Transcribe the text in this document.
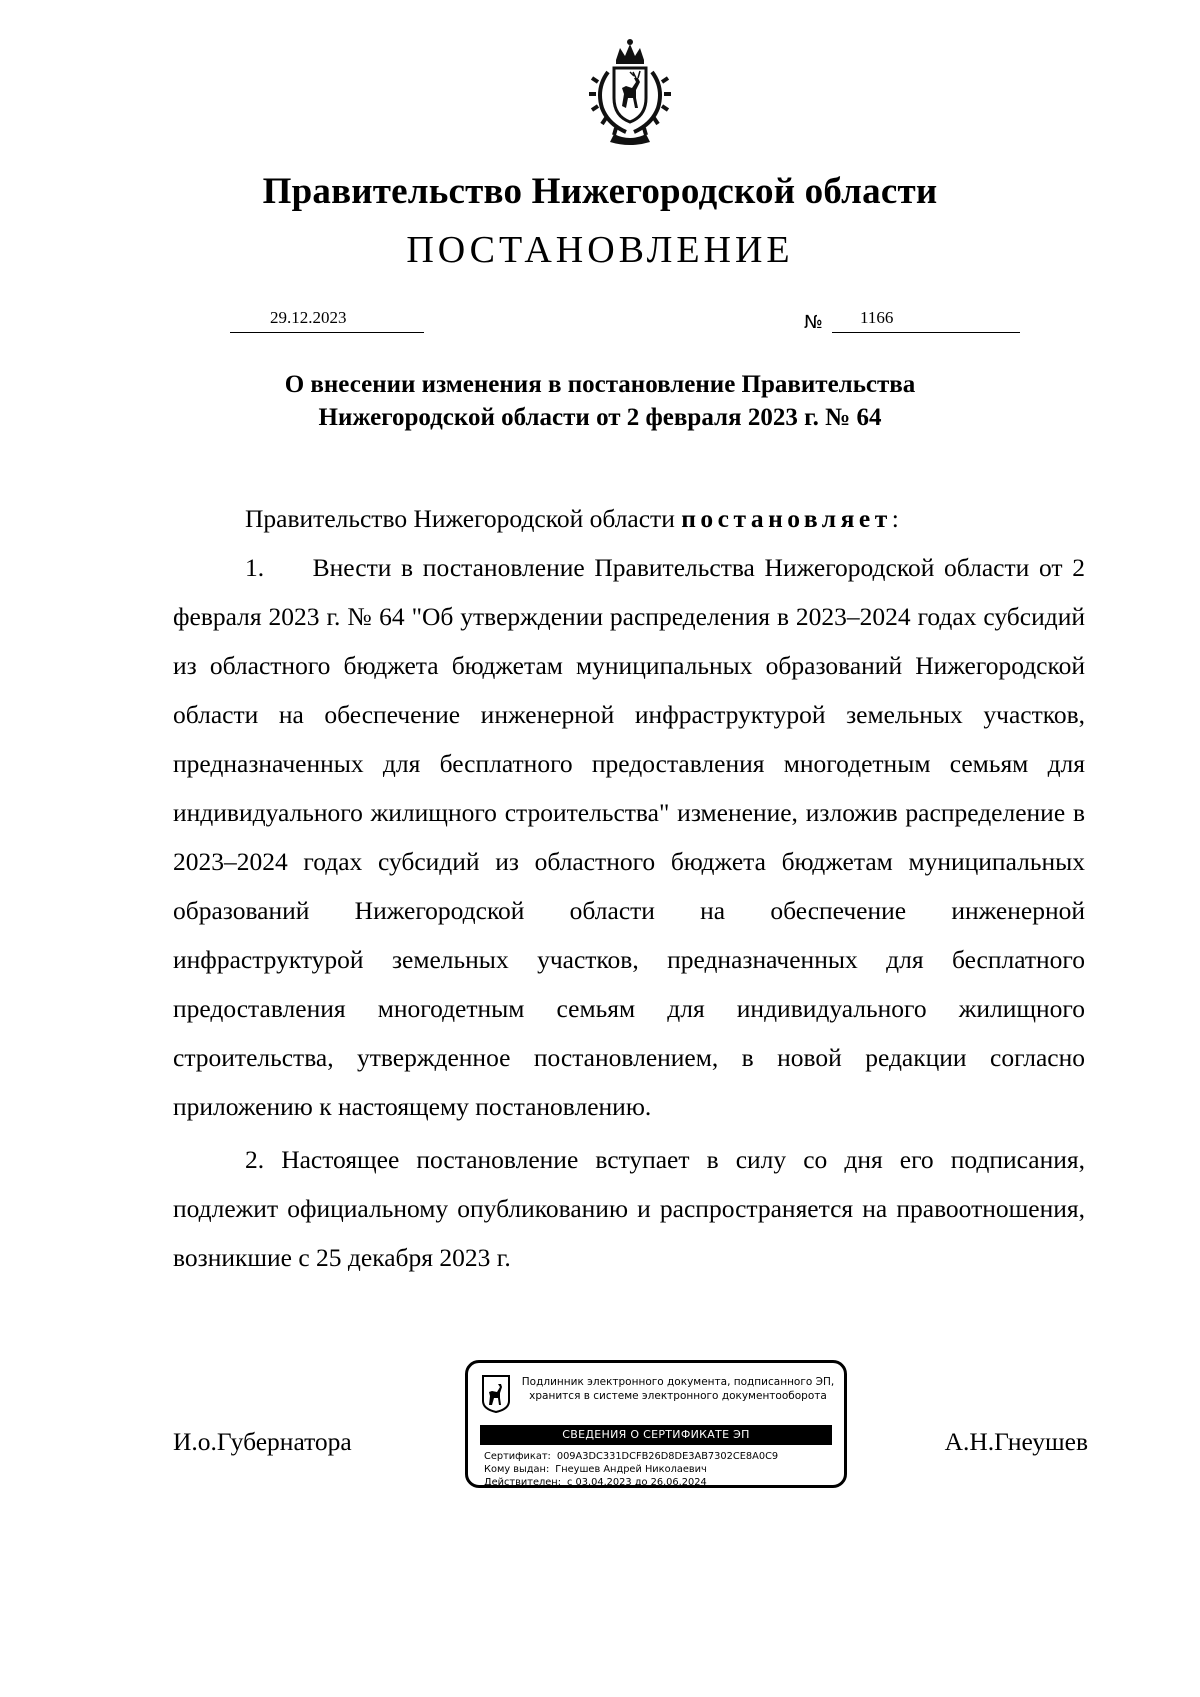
Правительство Нижегородской области
ПОСТАНОВЛЕНИЕ
29.12.2023	№ 1166
О внесении изменения в постановление Правительства
Нижегородской области от 2 февраля 2023 г. № 64

Правительство Нижегородской области постановляет:

1.     Внести в постановление Правительства Нижегородской области от 2 февраля 2023 г. № 64 "Об утверждении распределения в 2023–2024 годах субсидий из областного бюджета бюджетам муниципальных образований Нижегородской области на обеспечение инженерной инфраструктурой земельных участков, предназначенных для бесплатного предоставления многодетным семьям для индивидуального жилищного строительства" изменение, изложив распределение в 2023–2024 годах субсидий из областного бюджета бюджетам муниципальных образований Нижегородской области на обеспечение инженерной инфраструктурой земельных участков, предназначенных для бесплатного предоставления многодетным семьям для индивидуального жилищного строительства, утвержденное постановлением, в новой редакции согласно приложению к настоящему постановлению.

2. Настоящее постановление вступает в силу со дня его подписания, подлежит официальному опубликованию и распространяется на правоотношения, возникшие с 25 декабря 2023 г.

И.о.Губернатора	А.Н.Гнеушев
Подлинник электронного документа, подписанного ЭП,
хранится в системе электронного документооборота
СВЕДЕНИЯ О СЕРТИФИКАТЕ ЭП
Сертификат: 009A3DC331DCFB26D8DE3AB7302CE8A0C9
Кому выдан: Гнеушев Андрей Николаевич
Действителен: с 03.04.2023 до 26.06.2024
